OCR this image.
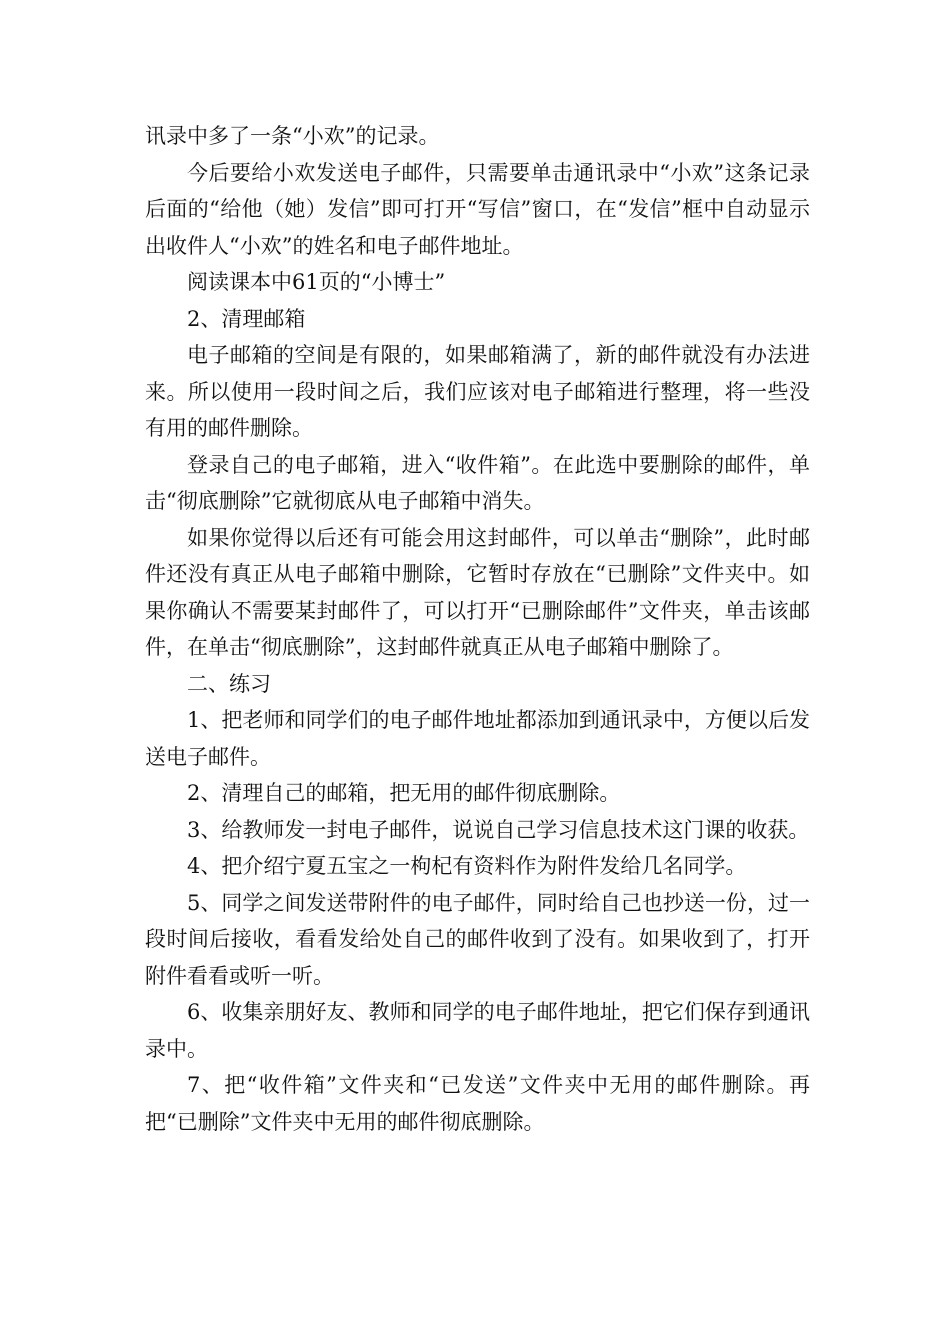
讯录中多了一条“小欢”的记录。

今后要给小欢发送电子邮件，只需要单击通讯录中“小欢”这条记录后面的“给他（她）发信”即可打开“写信”窗口，在“发信”框中自动显示出收件人“小欢”的姓名和电子邮件地址。

阅读课本中61页的“小博士”

2、清理邮箱

电子邮箱的空间是有限的，如果邮箱满了，新的邮件就没有办法进来。所以使用一段时间之后，我们应该对电子邮箱进行整理，将一些没有用的邮件删除。

登录自己的电子邮箱，进入“收件箱”。在此选中要删除的邮件，单击“彻底删除”它就彻底从电子邮箱中消失。

如果你觉得以后还有可能会用这封邮件，可以单击“删除”，此时邮件还没有真正从电子邮箱中删除，它暂时存放在“已删除”文件夹中。如果你确认不需要某封邮件了，可以打开“已删除邮件”文件夹，单击该邮件，在单击“彻底删除”，这封邮件就真正从电子邮箱中删除了。

二、练习

1、把老师和同学们的电子邮件地址都添加到通讯录中，方便以后发送电子邮件。

2、清理自己的邮箱，把无用的邮件彻底删除。

3、给教师发一封电子邮件，说说自己学习信息技术这门课的收获。

4、把介绍宁夏五宝之一枸杞有资料作为附件发给几名同学。

5、同学之间发送带附件的电子邮件，同时给自己也抄送一份，过一段时间后接收，看看发给处自己的邮件收到了没有。如果收到了，打开附件看看或听一听。

6、收集亲朋好友、教师和同学的电子邮件地址，把它们保存到通讯录中。

7、把“收件箱”文件夹和“已发送”文件夹中无用的邮件删除。再把“已删除”文件夹中无用的邮件彻底删除。
